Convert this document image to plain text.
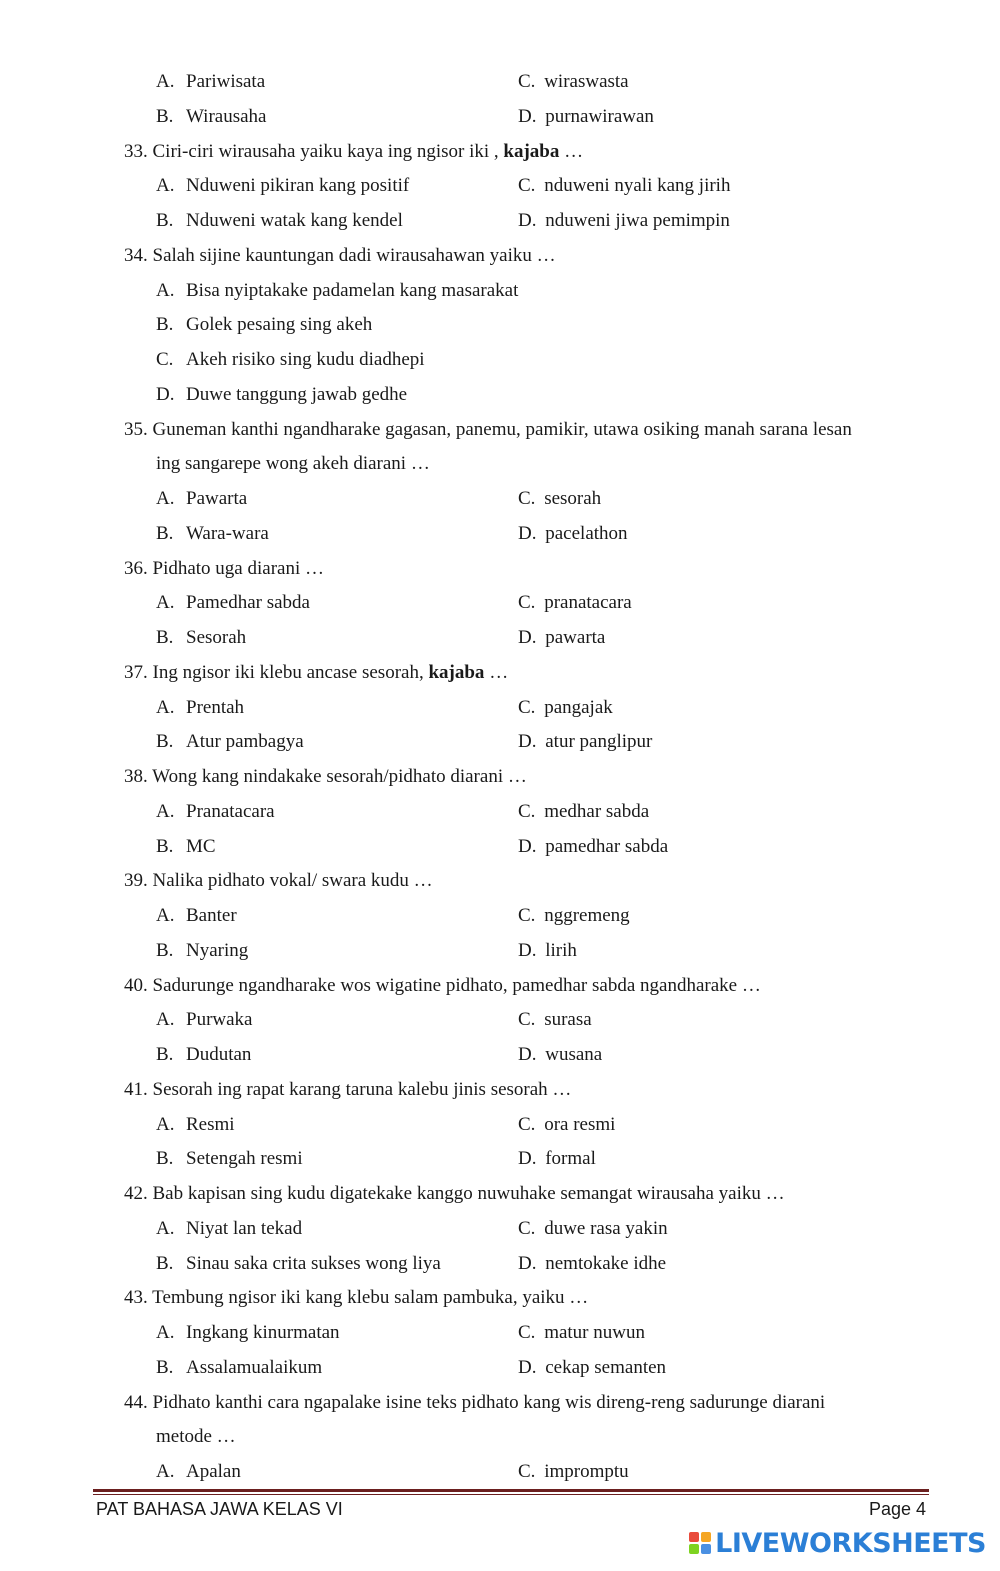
A. Pariwisata	C. wiraswasta
B. Wirausaha	D. purnawirawan
33. Ciri-ciri wirausaha yaiku kaya ing ngisor iki , kajaba …
A. Nduweni pikiran kang positif	C. nduweni nyali kang jirih
B. Nduweni watak kang kendel	D. nduweni jiwa pemimpin
34. Salah sijine kauntungan dadi wirausahawan yaiku …
A. Bisa nyiptakake padamelan kang masarakat
B. Golek pesaing sing akeh
C. Akeh risiko sing kudu diadhepi
D. Duwe tanggung jawab gedhe
35. Guneman kanthi ngandharake gagasan, panemu, pamikir, utawa osiking manah sarana lesan
ing sangarepe wong akeh diarani …
A. Pawarta	C. sesorah
B. Wara-wara	D. pacelathon
36. Pidhato uga diarani …
A. Pamedhar sabda	C. pranatacara
B. Sesorah	D. pawarta
37. Ing ngisor iki klebu ancase sesorah, kajaba …
A. Prentah	C. pangajak
B. Atur pambagya	D. atur panglipur
38. Wong kang nindakake sesorah/pidhato diarani …
A. Pranatacara	C. medhar sabda
B. MC	D. pamedhar sabda
39. Nalika pidhato vokal/ swara kudu …
A. Banter	C. nggremeng
B. Nyaring	D. lirih
40. Sadurunge ngandharake wos wigatine pidhato, pamedhar sabda ngandharake …
A. Purwaka	C. surasa
B. Dudutan	D. wusana
41. Sesorah ing rapat karang taruna kalebu jinis sesorah …
A. Resmi	C. ora resmi
B. Setengah resmi	D. formal
42. Bab kapisan sing kudu digatekake kanggo nuwuhake semangat wirausaha yaiku …
A. Niyat lan tekad	C. duwe rasa yakin
B. Sinau saka crita sukses wong liya	D. nemtokake idhe
43. Tembung ngisor iki kang klebu salam pambuka, yaiku …
A. Ingkang kinurmatan	C. matur nuwun
B. Assalamualaikum	D. cekap semanten
44. Pidhato kanthi cara ngapalake isine teks pidhato kang wis direng-reng sadurunge diarani
metode …
A. Apalan	C. impromptu
PAT BAHASA JAWA KELAS VI	Page 4
LIVEWORKSHEETS
